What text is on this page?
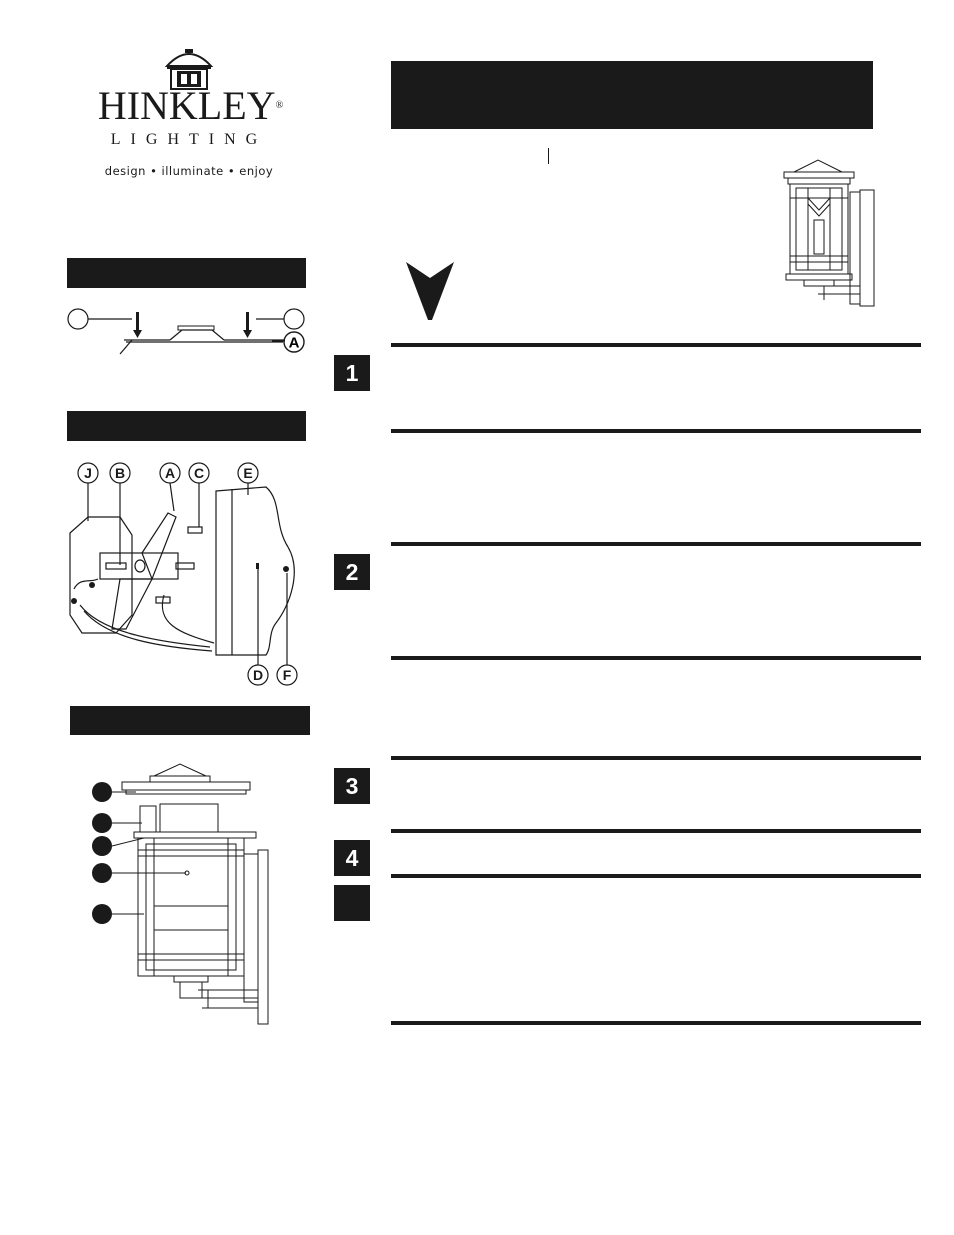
HINKLEY®
LIGHTING
design • illuminate • enjoy
A
J B	A C	E
D F
1
2
3
4
